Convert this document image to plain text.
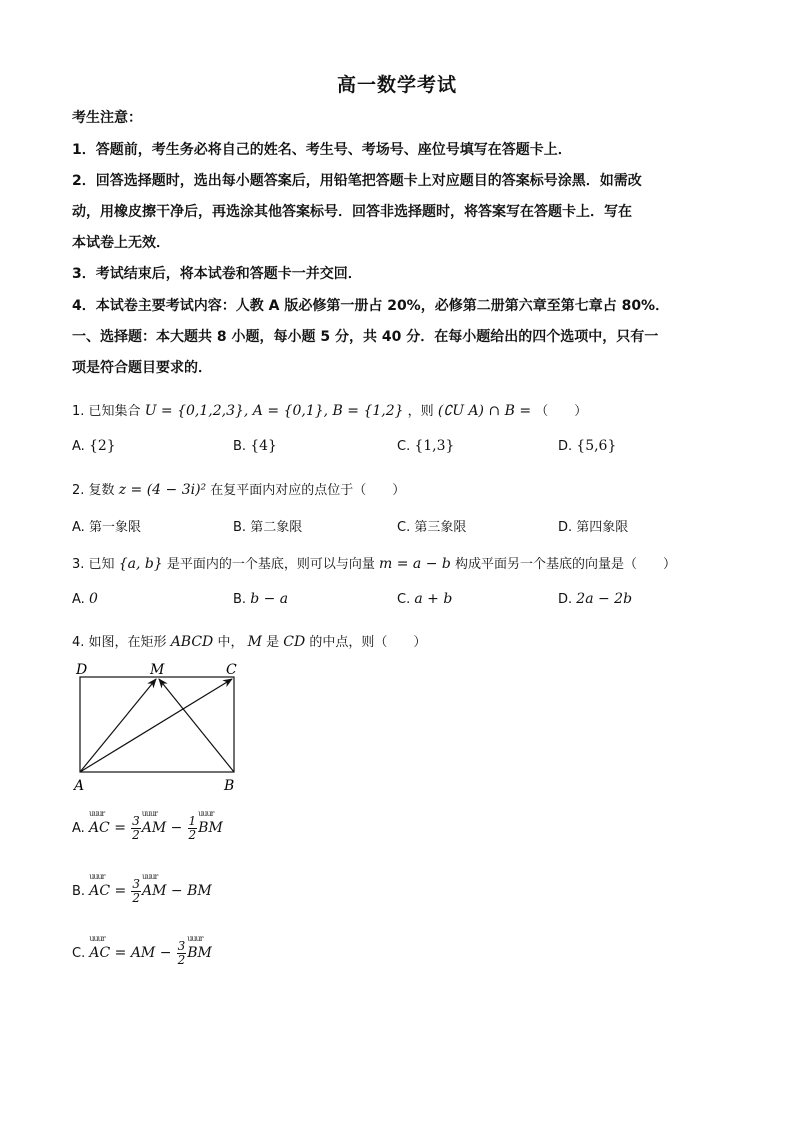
高一数学考试
考生注意：
1．答题前，考生务必将自己的姓名、考生号、考场号、座位号填写在答题卡上．
2．回答选择题时，选出每小题答案后，用铅笔把答题卡上对应题目的答案标号涂黑．如需改
动，用橡皮擦干净后，再选涂其他答案标号．回答非选择题时，将答案写在答题卡上．写在
本试卷上无效．
3．考试结束后，将本试卷和答题卡一并交回．
4．本试卷主要考试内容：人教 A 版必修第一册占 20%，必修第二册第六章至第七章占 80%．
一、选择题：本大题共 8 小题，每小题 5 分，共 40 分．在每小题给出的四个选项中，只有一
项是符合题目要求的．
1. 已知集合 U = {0,1,2,3}, A = {0,1}, B = {1,2} ，则 (∁U A) ∩ B = （　　）
A. {2}	B. {4}	C. {1,3}	D. {5,6}
2. 复数 z = (4 − 3i)² 在复平面内对应的点位于（　　）
A. 第一象限	B. 第二象限	C. 第三象限	D. 第四象限
3. 已知 {a, b} 是平面内的一个基底，则可以与向量 m = a − b 构成平面另一个基底的向量是（　　）
A. 0	B. b − a	C. a + b	D. 2a − 2b
4. 如图，在矩形 ABCD 中， M 是 CD 的中点，则（　　）
D	M	C
A	B
A. uuur AC = $\frac{3}{2}$ uuur AM − $\frac{1}{2}$ uuur BM
B. uuur AC = $\frac{3}{2}$ uuur AM − BM
C. uuur AC = AM − $\frac{3}{2}$ uuur BM
